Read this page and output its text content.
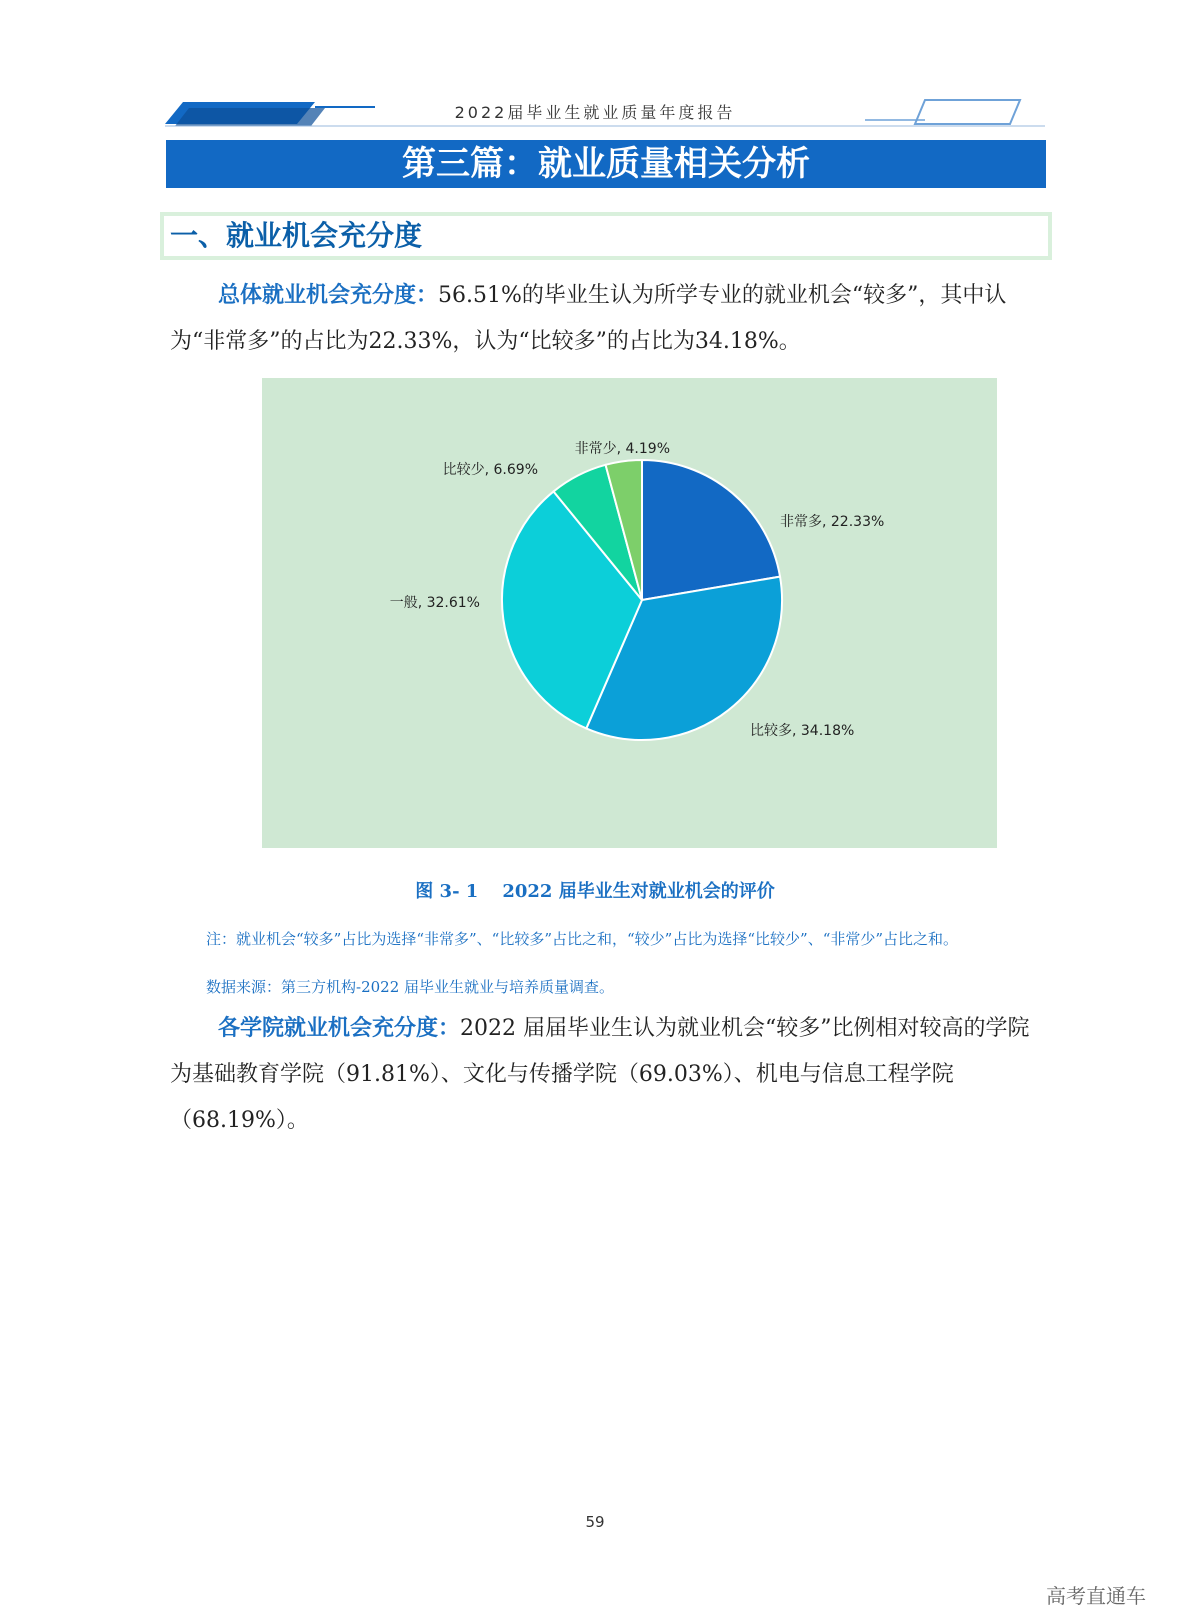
2022届毕业生就业质量年度报告
第三篇：就业质量相关分析
一、就业机会充分度
总体就业机会充分度：56.51%的毕业生认为所学专业的就业机会“较多”，其中认为“非常多”的占比为22.33%，认为“比较多”的占比为34.18%。
非常多, 22.33%
比较多, 34.18%
一般, 32.61%
比较少, 6.69%
非常少, 4.19%
图 3- 1 2022 届毕业生对就业机会的评价
注：就业机会“较多”占比为选择“非常多”、“比较多”占比之和，“较少”占比为选择“比较少”、“非常少”占比之和。
数据来源：第三方机构-2022 届毕业生就业与培养质量调查。
各学院就业机会充分度：2022 届届毕业生认为就业机会“较多”比例相对较高的学院为基础教育学院（91.81%）、文化与传播学院（69.03%）、机电与信息工程学院（68.19%）。
59
高考直通车
